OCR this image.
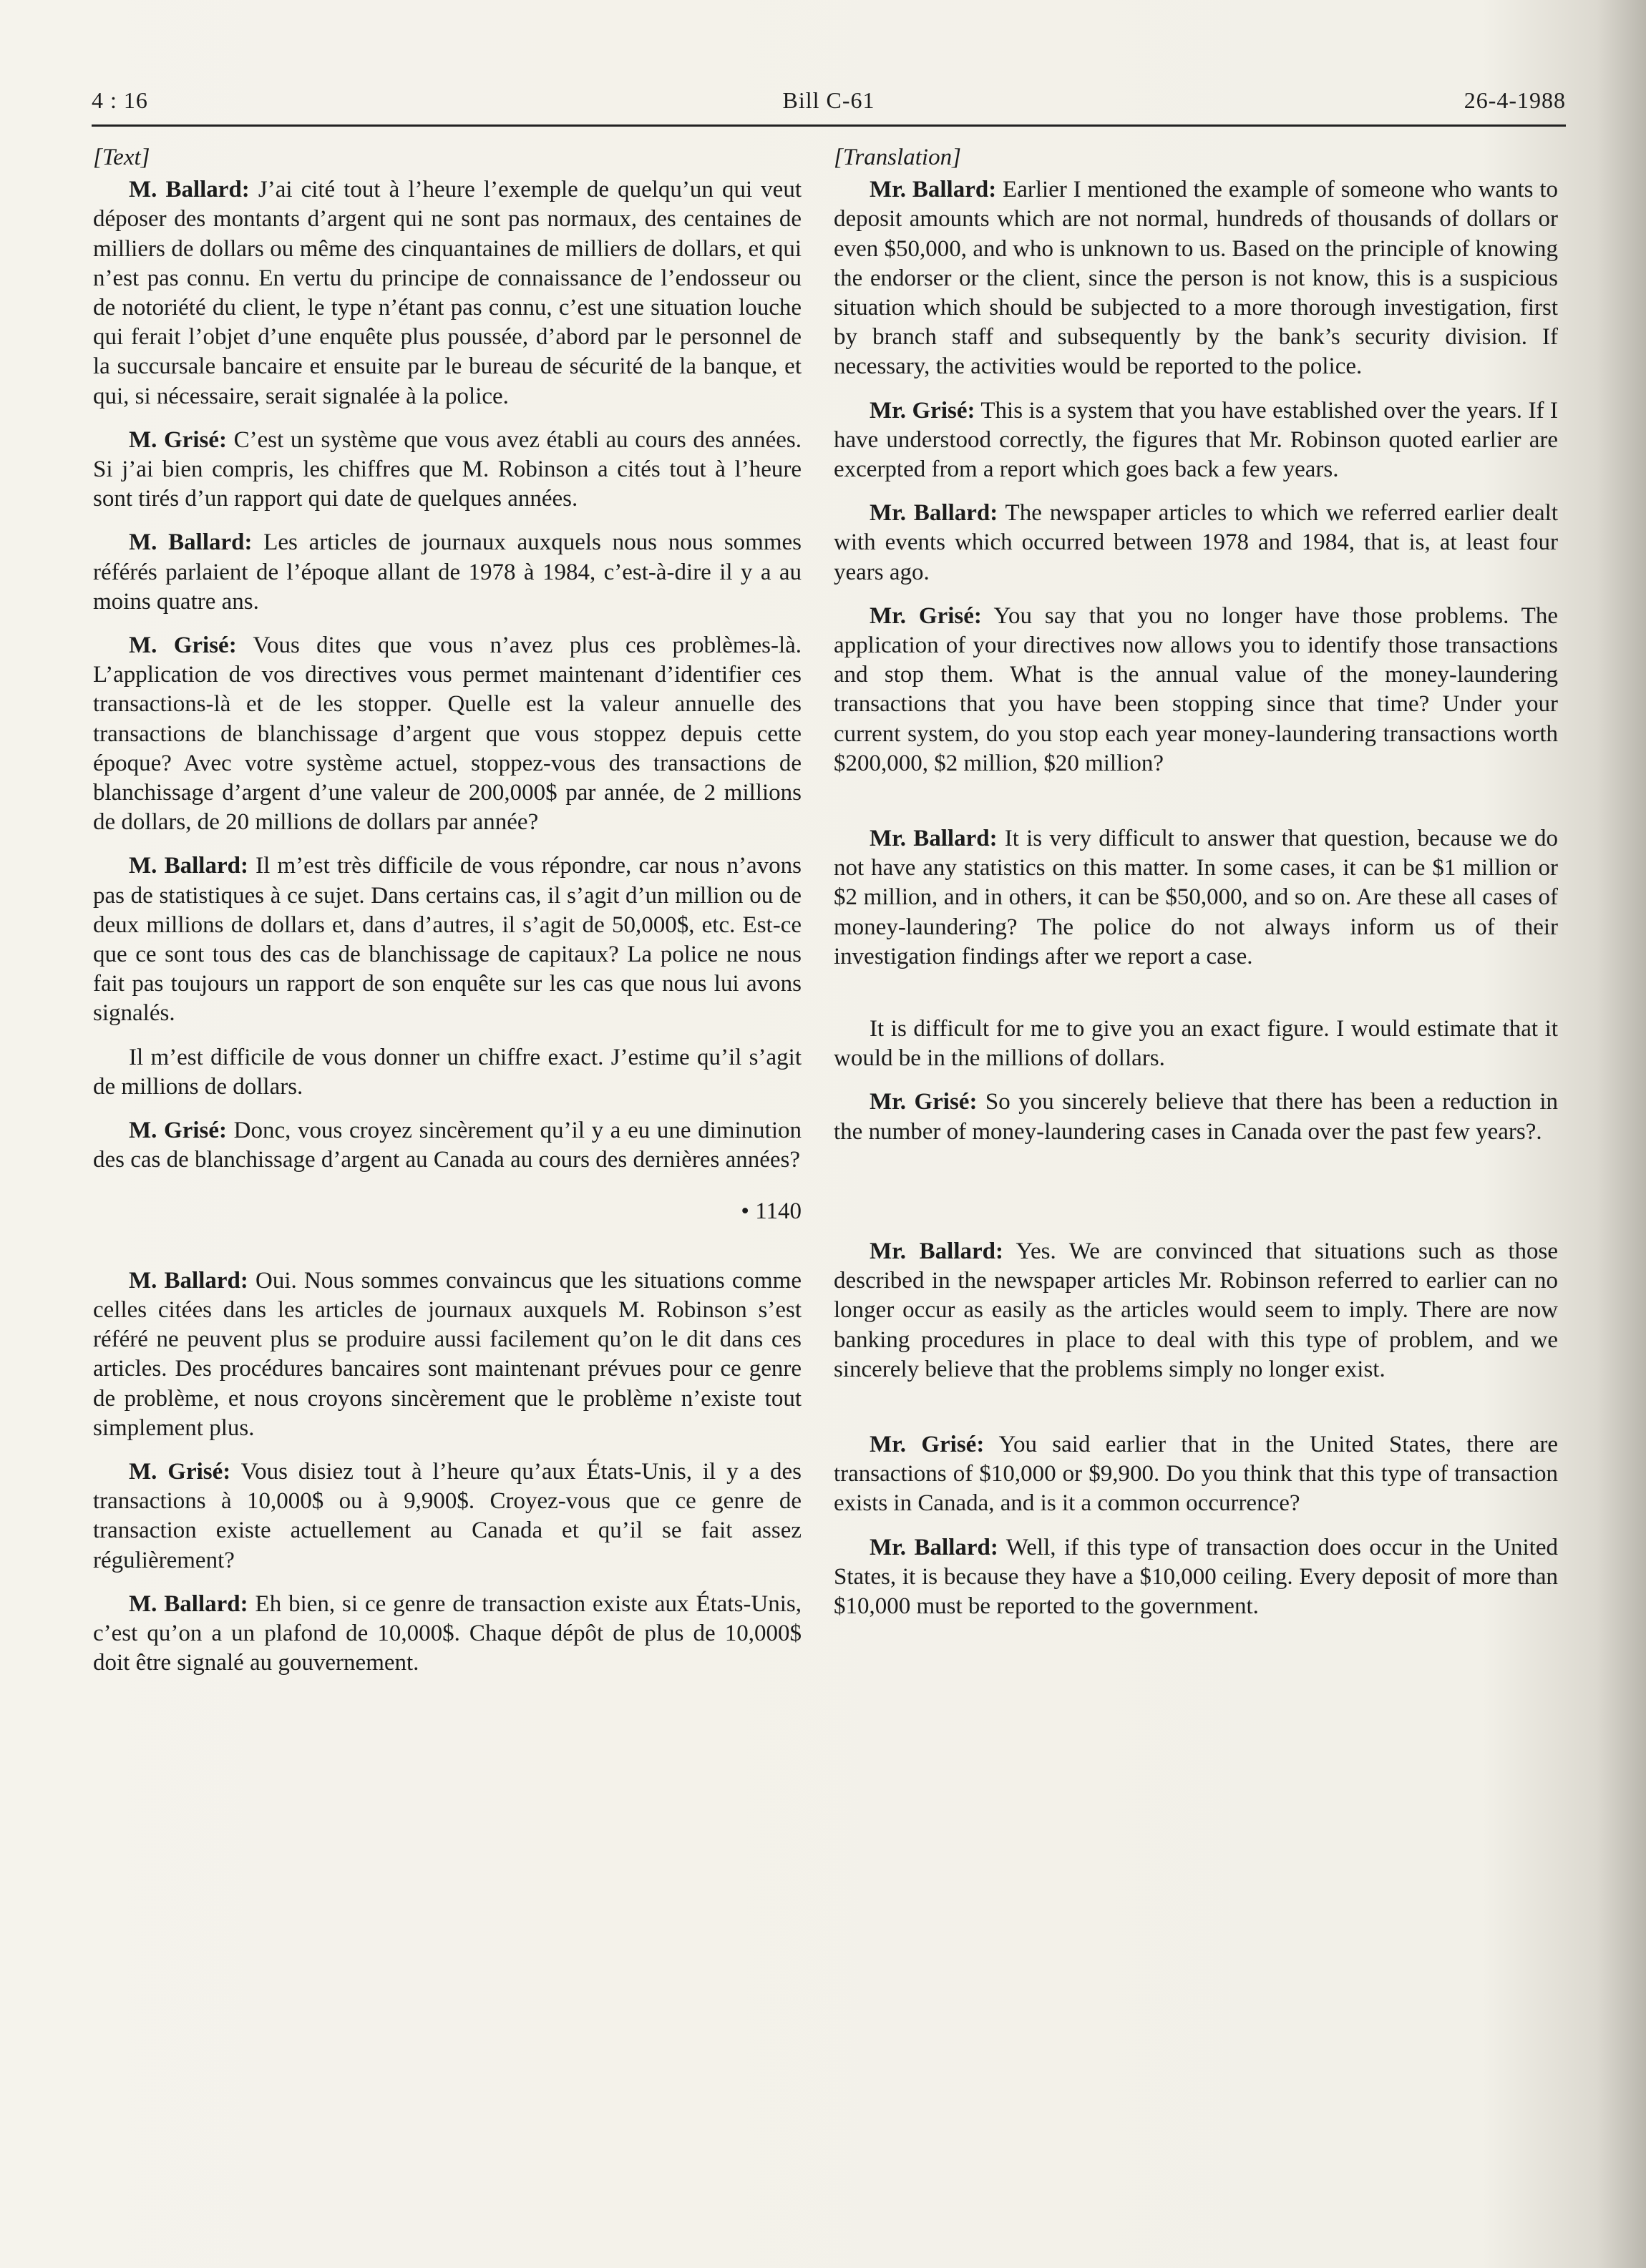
4 : 16	Bill C-61	26-4-1988

[Text]

M. Ballard: J’ai cité tout à l’heure l’exemple de quelqu’un qui veut déposer des montants d’argent qui ne sont pas normaux, des centaines de milliers de dollars ou même des cinquantaines de milliers de dollars, et qui n’est pas connu. En vertu du principe de connaissance de l’endosseur ou de notoriété du client, le type n’étant pas connu, c’est une situation louche qui ferait l’objet d’une enquête plus poussée, d’abord par le personnel de la succursale bancaire et ensuite par le bureau de sécurité de la banque, et qui, si nécessaire, serait signalée à la police.

M. Grisé: C’est un système que vous avez établi au cours des années. Si j’ai bien compris, les chiffres que M. Robinson a cités tout à l’heure sont tirés d’un rapport qui date de quelques années.

M. Ballard: Les articles de journaux auxquels nous nous sommes référés parlaient de l’époque allant de 1978 à 1984, c’est-à-dire il y a au moins quatre ans.

M. Grisé: Vous dites que vous n’avez plus ces problèmes-là. L’application de vos directives vous permet maintenant d’identifier ces transactions-là et de les stopper. Quelle est la valeur annuelle des transactions de blanchissage d’argent que vous stoppez depuis cette époque? Avec votre système actuel, stoppez-vous des transactions de blanchissage d’argent d’une valeur de 200,000$ par année, de 2 millions de dollars, de 20 millions de dollars par année?

M. Ballard: Il m’est très difficile de vous répondre, car nous n’avons pas de statistiques à ce sujet. Dans certains cas, il s’agit d’un million ou de deux millions de dollars et, dans d’autres, il s’agit de 50,000$, etc. Est-ce que ce sont tous des cas de blanchissage de capitaux? La police ne nous fait pas toujours un rapport de son enquête sur les cas que nous lui avons signalés.

Il m’est difficile de vous donner un chiffre exact. J’estime qu’il s’agit de millions de dollars.

M. Grisé: Donc, vous croyez sincèrement qu’il y a eu une diminution des cas de blanchissage d’argent au Canada au cours des dernières années?

• 1140

M. Ballard: Oui. Nous sommes convaincus que les situations comme celles citées dans les articles de journaux auxquels M. Robinson s’est référé ne peuvent plus se produire aussi facilement qu’on le dit dans ces articles. Des procédures bancaires sont maintenant prévues pour ce genre de problème, et nous croyons sincèrement que le problème n’existe tout simplement plus.

M. Grisé: Vous disiez tout à l’heure qu’aux États-Unis, il y a des transactions à 10,000$ ou à 9,900$. Croyez-vous que ce genre de transaction existe actuellement au Canada et qu’il se fait assez régulièrement?

M. Ballard: Eh bien, si ce genre de transaction existe aux États-Unis, c’est qu’on a un plafond de 10,000$. Chaque dépôt de plus de 10,000$ doit être signalé au gouvernement.

[Translation]

Mr. Ballard: Earlier I mentioned the example of someone who wants to deposit amounts which are not normal, hundreds of thousands of dollars or even $50,000, and who is unknown to us. Based on the principle of knowing the endorser or the client, since the person is not know, this is a suspicious situation which should be subjected to a more thorough investigation, first by branch staff and subsequently by the bank’s security division. If necessary, the activities would be reported to the police.

Mr. Grisé: This is a system that you have established over the years. If I have understood correctly, the figures that Mr. Robinson quoted earlier are excerpted from a report which goes back a few years.

Mr. Ballard: The newspaper articles to which we referred earlier dealt with events which occurred between 1978 and 1984, that is, at least four years ago.

Mr. Grisé: You say that you no longer have those problems. The application of your directives now allows you to identify those transactions and stop them. What is the annual value of the money-laundering transactions that you have been stopping since that time? Under your current system, do you stop each year money-laundering transactions worth $200,000, $2 million, $20 million?

Mr. Ballard: It is very difficult to answer that question, because we do not have any statistics on this matter. In some cases, it can be $1 million or $2 million, and in others, it can be $50,000, and so on. Are these all cases of money-laundering? The police do not always inform us of their investigation findings after we report a case.

It is difficult for me to give you an exact figure. I would estimate that it would be in the millions of dollars.

Mr. Grisé: So you sincerely believe that there has been a reduction in the number of money-laundering cases in Canada over the past few years?.

Mr. Ballard: Yes. We are convinced that situations such as those described in the newspaper articles Mr. Robinson referred to earlier can no longer occur as easily as the articles would seem to imply. There are now banking procedures in place to deal with this type of problem, and we sincerely believe that the problems simply no longer exist.

Mr. Grisé: You said earlier that in the United States, there are transactions of $10,000 or $9,900. Do you think that this type of transaction exists in Canada, and is it a common occurrence?

Mr. Ballard: Well, if this type of transaction does occur in the United States, it is because they have a $10,000 ceiling. Every deposit of more than $10,000 must be reported to the government.
